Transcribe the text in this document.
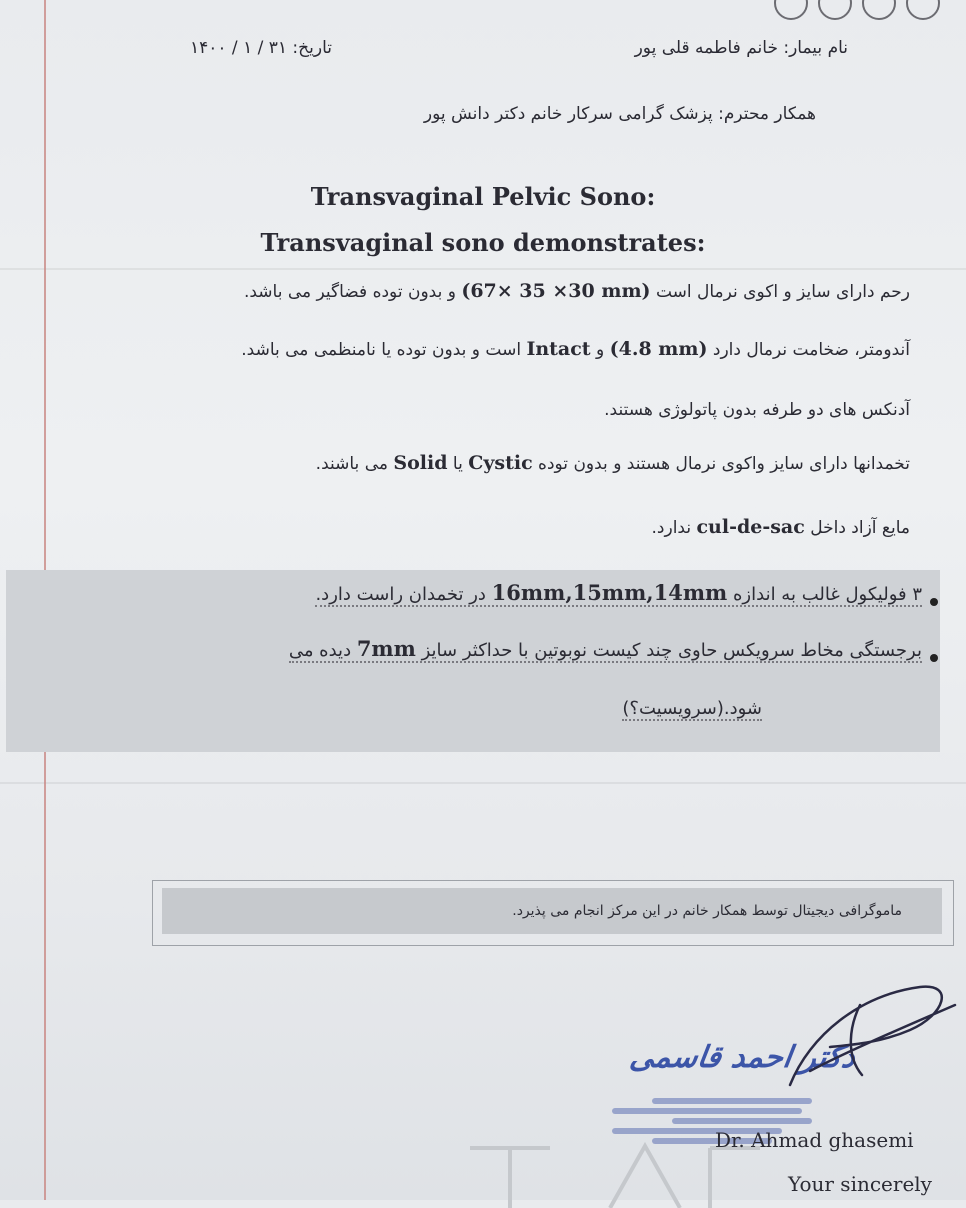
نام بیمار: خانم فاطمه قلی پور
تاریخ: ۳۱ / ۱ / ۱۴۰۰
همکار محترم: پزشک گرامی سرکار خانم دکتر دانش پور
Transvaginal Pelvic Sono:
Transvaginal sono demonstrates:
رحم دارای سایز و اکوی نرمال است (67× 35 ×30 mm) و بدون توده فضاگیر می باشد.
آندومتر، ضخامت نرمال دارد (4.8 mm) و Intact است و بدون توده یا نامنظمی می باشد.
آدنکس های دو طرفه بدون پاتولوژی هستند.
تخمدانها دارای سایز واکوی نرمال هستند و بدون توده Cystic یا Solid می باشند.
مایع آزاد داخل cul-de-sac ندارد.
۳ فولیکول غالب به اندازه 16mm,15mm,14mm در تخمدان راست دارد.
برجستگی مخاط سرویکس حاوی چند کیست نوبوتین با حداکثر سایز 7mm دیده می
شود.(سرویسیت؟)
ماموگرافی دیجیتال توسط همکار خانم در این مرکز انجام می پذیرد.
دکتر احمد قاسمی
Dr. Ahmad ghasemi
Your sincerely
